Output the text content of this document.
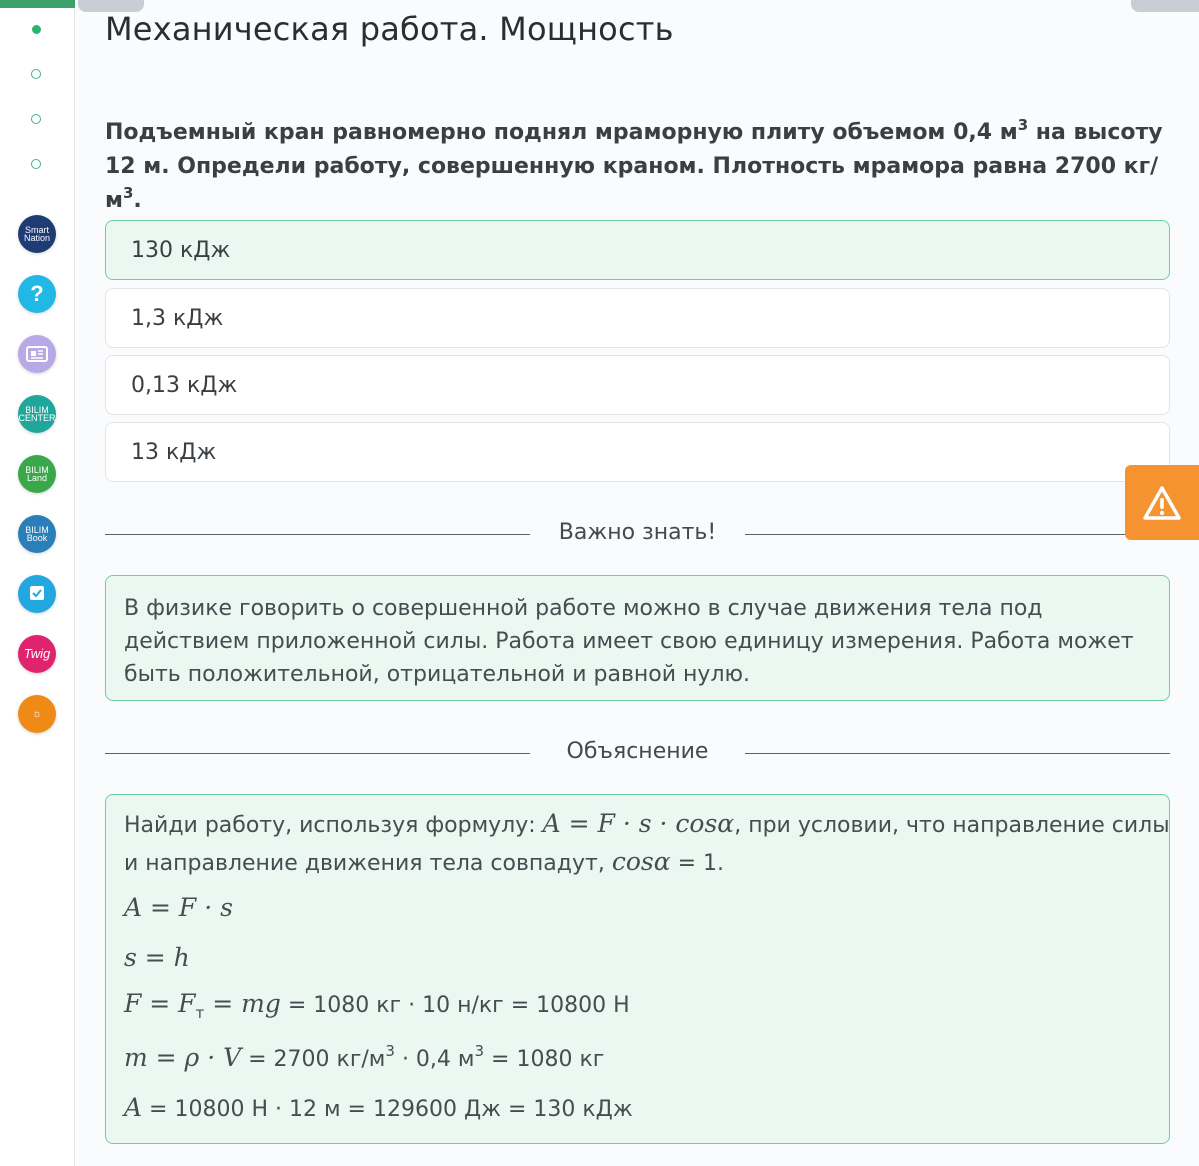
Smart
Nation
?
BILIM
CENTER
BILIM
Land
BILIM
Book
Twig
☼
Механическая работа. Мощность
Подъемный кран равномерно поднял мраморную плиту объемом 0,4 $м^3$ на высоту 12 м. Определи работу, совершенную краном. Плотность мрамора равна 2700 $кг/м^3$.
130 кДж
1,3 кДж
0,13 кДж
13 кДж
Важно знать!
В физике говорить о совершенной работе можно в случае движения тела под действием приложенной силы. Работа имеет свою единицу измерения. Работа может быть положительной, отрицательной и равной нулю.
Объяснение
Найди работу, используя формулу: A = F · s · cosα, при условии, что направление силы
и направление движения тела совпадут, cosα = 1.
A = F · s
s = h
$F = F_т$ = mg = 1080 кг · 10 н/кг = 10800 Н
m = ρ · V = 2700 $кг/м^3 \cdot 0,4$ $м^3 = 1080$ кг
A = 10800 Н · 12 м = 129600 Дж = 130 кДж
